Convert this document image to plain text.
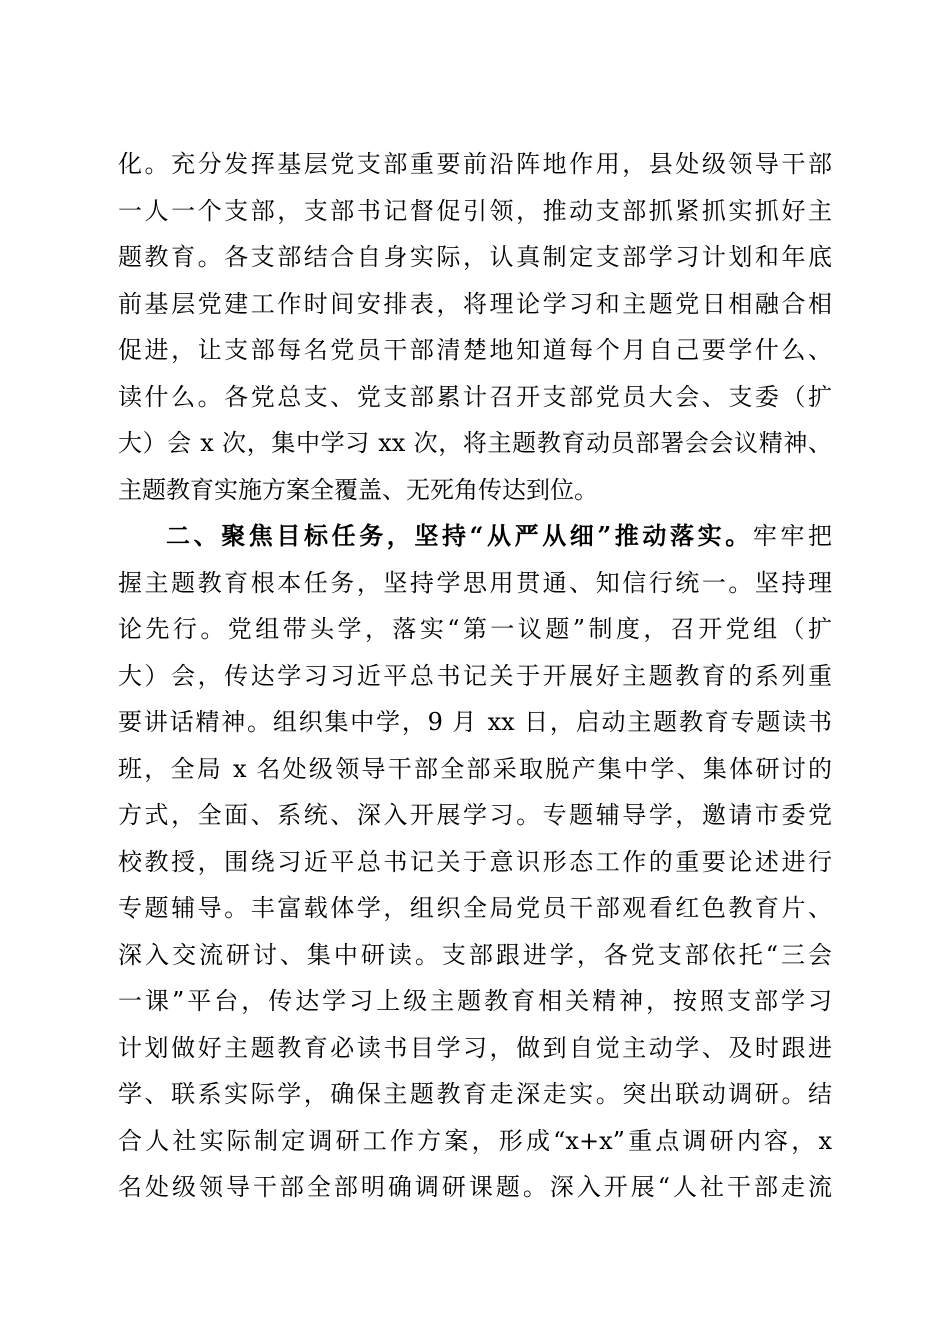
化。充分发挥基层党支部重要前沿阵地作用，县处级领导干部
一人一个支部，支部书记督促引领，推动支部抓紧抓实抓好主
题教育。各支部结合自身实际，认真制定支部学习计划和年底
前基层党建工作时间安排表，将理论学习和主题党日相融合相
促进，让支部每名党员干部清楚地知道每个月自己要学什么、
读什么。各党总支、党支部累计召开支部党员大会、支委（扩
大）会 x 次，集中学习 xx 次，将主题教育动员部署会会议精神、
主题教育实施方案全覆盖、无死角传达到位。
二、聚焦目标任务，坚持“从严从细”推动落实。牢牢把
握主题教育根本任务，坚持学思用贯通、知信行统一。坚持理
论先行。党组带头学，落实“第一议题”制度，召开党组（扩
大）会，传达学习习近平总书记关于开展好主题教育的系列重
要讲话精神。组织集中学，9 月 xx 日，启动主题教育专题读书
班，全局 x 名处级领导干部全部采取脱产集中学、集体研讨的
方式，全面、系统、深入开展学习。专题辅导学，邀请市委党
校教授，围绕习近平总书记关于意识形态工作的重要论述进行
专题辅导。丰富载体学，组织全局党员干部观看红色教育片、
深入交流研讨、集中研读。支部跟进学，各党支部依托“三会
一课”平台，传达学习上级主题教育相关精神，按照支部学习
计划做好主题教育必读书目学习，做到自觉主动学、及时跟进
学、联系实际学，确保主题教育走深走实。突出联动调研。结
合人社实际制定调研工作方案，形成“x+x”重点调研内容，x
名处级领导干部全部明确调研课题。深入开展“人社干部走流
